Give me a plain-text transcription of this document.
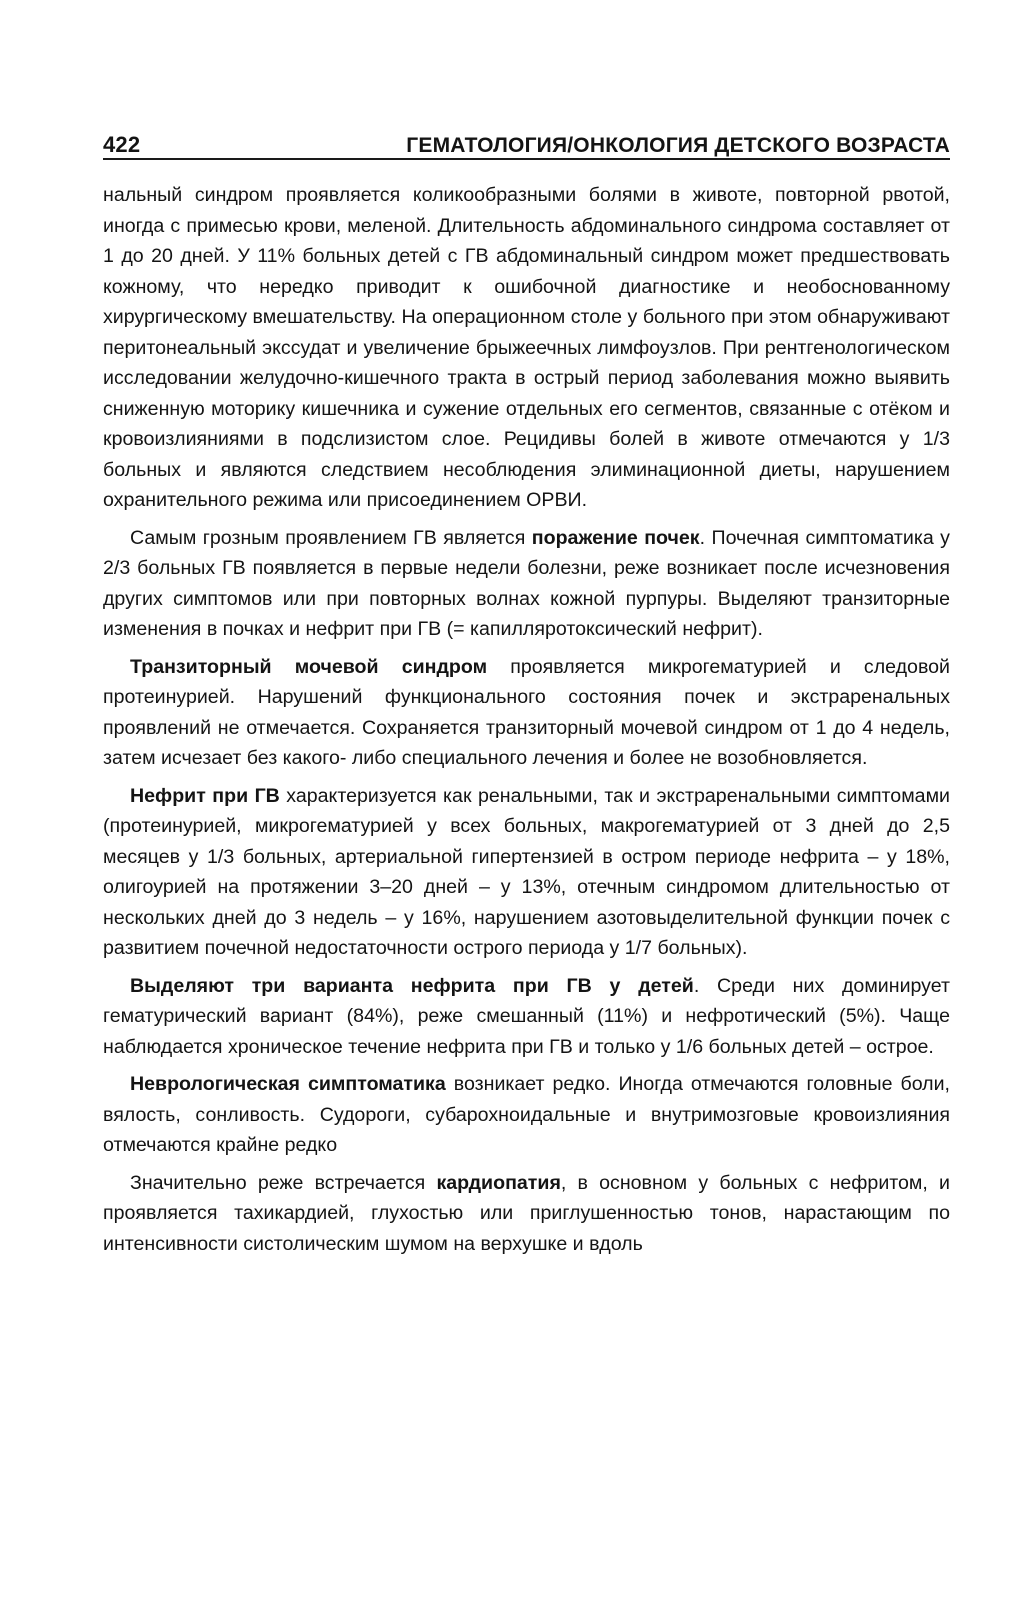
422	ГЕМАТОЛОГИЯ/ОНКОЛОГИЯ ДЕТСКОГО ВОЗРАСТА

нальный синдром проявляется коликообразными болями в животе, повторной рвотой, иногда с примесью крови, меленой. Длительность абдоминального синдрома составляет от 1 до 20 дней. У 11% больных детей с ГВ абдоминальный синдром может предшествовать кожному, что нередко приводит к ошибочной диагностике и необоснованному хирургическому вмешательству. На операционном столе у больного при этом обнаруживают перитонеальный экссудат и увеличение брыжеечных лимфоузлов. При рентгенологическом исследовании желудочно-кишечного тракта в острый период заболевания можно выявить сниженную моторику кишечника и сужение отдельных его сегментов, связанные с отёком и кровоизлияниями в подслизистом слое. Рецидивы болей в животе отмечаются у 1/3 больных и являются следствием несоблюдения элиминационной диеты, нарушением охранительного режима или присоединением ОРВИ.

Самым грозным проявлением ГВ является поражение почек. Почечная симптоматика у 2/3 больных ГВ появляется в первые недели болезни, реже возникает после исчезновения других симптомов или при повторных волнах кожной пурпуры. Выделяют транзиторные изменения в почках и нефрит при ГВ (= капилляротоксический нефрит).

Транзиторный мочевой синдром проявляется микрогематурией и следовой протеинурией. Нарушений функционального состояния почек и экстраренальных проявлений не отмечается. Сохраняется транзиторный мочевой синдром от 1 до 4 недель, затем исчезает без какого- либо специального лечения и более не возобновляется.

Нефрит при ГВ характеризуется как ренальными, так и экстраренальными симптомами (протеинурией, микрогематурией у всех больных, макрогематурией от 3 дней до 2,5 месяцев у 1/3 больных, артериальной гипертензией в остром периоде нефрита – у 18%, олигоурией на протяжении 3–20 дней – у 13%, отечным синдромом длительностью от нескольких дней до 3 недель – у 16%, нарушением азотовыделительной функции почек с развитием почечной недостаточности острого периода у 1/7 больных).

Выделяют три варианта нефрита при ГВ у детей. Среди них доминирует гематурический вариант (84%), реже смешанный (11%) и нефротический (5%). Чаще наблюдается хроническое течение нефрита при ГВ и только у 1/6 больных детей – острое.

Неврологическая симптоматика возникает редко. Иногда отмечаются головные боли, вялость, сонливость. Судороги, субарохноидальные и внутримозговые кровоизлияния отмечаются крайне редко

Значительно реже встречается кардиопатия, в основном у больных с нефритом, и проявляется тахикардией, глухостью или приглушенностью тонов, нарастающим по интенсивности систолическим шумом на верхушке и вдоль
